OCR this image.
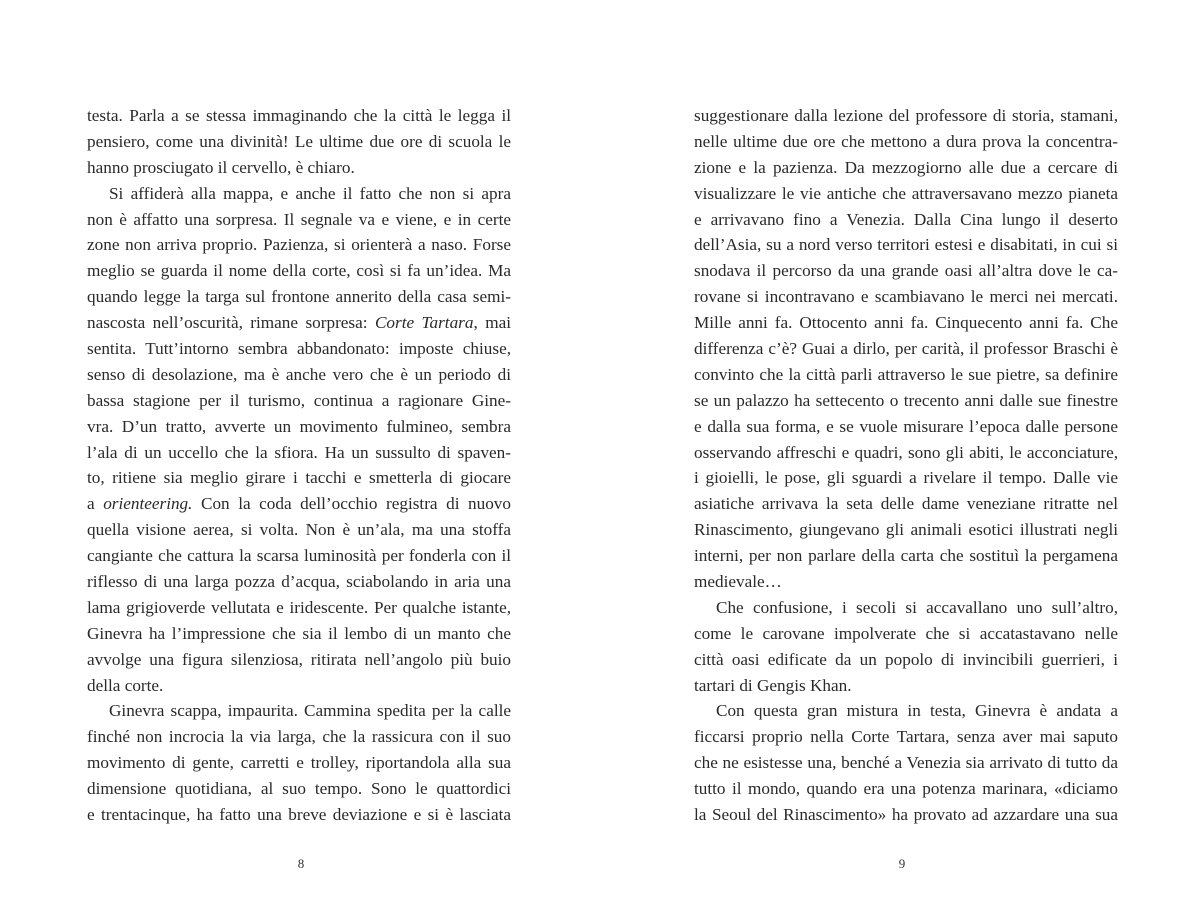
testa. Parla a se stessa immaginando che la città le legga il
pensiero, come una divinità! Le ultime due ore di scuola le
hanno prosciugato il cervello, è chiaro.
Si affiderà alla mappa, e anche il fatto che non si apra
non è affatto una sorpresa. Il segnale va e viene, e in certe
zone non arriva proprio. Pazienza, si orienterà a naso. Forse
meglio se guarda il nome della corte, così si fa un’idea. Ma
quando legge la targa sul frontone annerito della casa semi-
nascosta nell’oscurità, rimane sorpresa: Corte Tartara, mai
sentita. Tutt’intorno sembra abbandonato: imposte chiuse,
senso di desolazione, ma è anche vero che è un periodo di
bassa stagione per il turismo, continua a ragionare Gine-
vra. D’un tratto, avverte un movimento fulmineo, sembra
l’ala di un uccello che la sfiora. Ha un sussulto di spaven-
to, ritiene sia meglio girare i tacchi e smetterla di giocare
a orienteering. Con la coda dell’occhio registra di nuovo
quella visione aerea, si volta. Non è un’ala, ma una stoffa
cangiante che cattura la scarsa luminosità per fonderla con il
riflesso di una larga pozza d’acqua, sciabolando in aria una
lama grigioverde vellutata e iridescente. Per qualche istante,
Ginevra ha l’impressione che sia il lembo di un manto che
avvolge una figura silenziosa, ritirata nell’angolo più buio
della corte.
Ginevra scappa, impaurita. Cammina spedita per la calle
finché non incrocia la via larga, che la rassicura con il suo
movimento di gente, carretti e trolley, riportandola alla sua
dimensione quotidiana, al suo tempo. Sono le quattordici
e trentacinque, ha fatto una breve deviazione e si è lasciata
8
suggestionare dalla lezione del professore di storia, stamani,
nelle ultime due ore che mettono a dura prova la concentra-
zione e la pazienza. Da mezzogiorno alle due a cercare di
visualizzare le vie antiche che attraversavano mezzo pianeta
e arrivavano fino a Venezia. Dalla Cina lungo il deserto
dell’Asia, su a nord verso territori estesi e disabitati, in cui si
snodava il percorso da una grande oasi all’altra dove le ca-
rovane si incontravano e scambiavano le merci nei mercati.
Mille anni fa. Ottocento anni fa. Cinquecento anni fa. Che
differenza c’è? Guai a dirlo, per carità, il professor Braschi è
convinto che la città parli attraverso le sue pietre, sa definire
se un palazzo ha settecento o trecento anni dalle sue finestre
e dalla sua forma, e se vuole misurare l’epoca dalle persone
osservando affreschi e quadri, sono gli abiti, le acconciature,
i gioielli, le pose, gli sguardi a rivelare il tempo. Dalle vie
asiatiche arrivava la seta delle dame veneziane ritratte nel
Rinascimento, giungevano gli animali esotici illustrati negli
interni, per non parlare della carta che sostituì la pergamena
medievale…
Che confusione, i secoli si accavallano uno sull’altro,
come le carovane impolverate che si accatastavano nelle
città oasi edificate da un popolo di invincibili guerrieri, i
tartari di Gengis Khan.
Con questa gran mistura in testa, Ginevra è andata a
ficcarsi proprio nella Corte Tartara, senza aver mai saputo
che ne esistesse una, benché a Venezia sia arrivato di tutto da
tutto il mondo, quando era una potenza marinara, «diciamo
la Seoul del Rinascimento» ha provato ad azzardare una sua
9
